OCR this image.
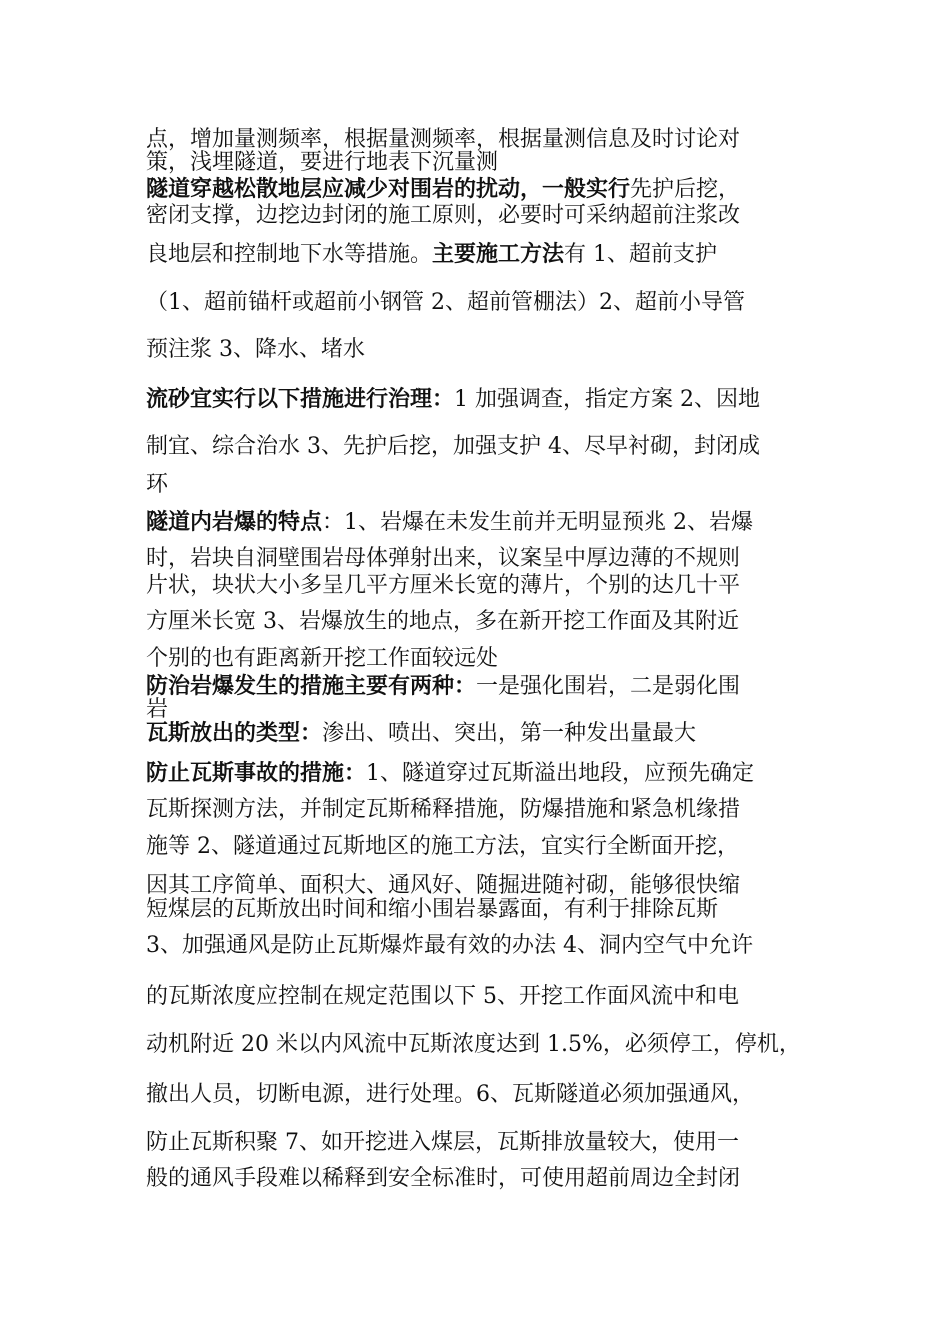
点，增加量测频率，根据量测频率，根据量测信息及时讨论对
策，浅埋隧道，要进行地表下沉量测
隧道穿越松散地层应减少对围岩的扰动，一般实行先护后挖，
密闭支撑，边挖边封闭的施工原则，必要时可采纳超前注浆改
良地层和控制地下水等措施。主要施工方法有 1、超前支护
（1、超前锚杆或超前小钢管 2、超前管棚法）2、超前小导管
预注浆 3、降水、堵水
流砂宜实行以下措施进行治理：1 加强调查，指定方案 2、因地
制宜、综合治水 3、先护后挖，加强支护 4、尽早衬砌，封闭成
环
隧道内岩爆的特点：1、岩爆在未发生前并无明显预兆 2、岩爆
时，岩块自洞壁围岩母体弹射出来，议案呈中厚边薄的不规则
片状，块状大小多呈几平方厘米长宽的薄片，个别的达几十平
方厘米长宽 3、岩爆放生的地点，多在新开挖工作面及其附近
个别的也有距离新开挖工作面较远处
防治岩爆发生的措施主要有两种：一是强化围岩，二是弱化围
岩
瓦斯放出的类型：渗出、喷出、突出，第一种发出量最大
防止瓦斯事故的措施：1、隧道穿过瓦斯溢出地段，应预先确定
瓦斯探测方法，并制定瓦斯稀释措施，防爆措施和紧急机缘措
施等 2、隧道通过瓦斯地区的施工方法，宜实行全断面开挖，
因其工序简单、面积大、通风好、随掘进随衬砌，能够很快缩
短煤层的瓦斯放出时间和缩小围岩暴露面，有利于排除瓦斯
3、加强通风是防止瓦斯爆炸最有效的办法 4、洞内空气中允许
的瓦斯浓度应控制在规定范围以下 5、开挖工作面风流中和电
动机附近 20 米以内风流中瓦斯浓度达到 1.5%，必须停工，停机，
撤出人员，切断电源，进行处理。6、瓦斯隧道必须加强通风，
防止瓦斯积聚 7、如开挖进入煤层，瓦斯排放量较大，使用一
般的通风手段难以稀释到安全标准时，可使用超前周边全封闭
